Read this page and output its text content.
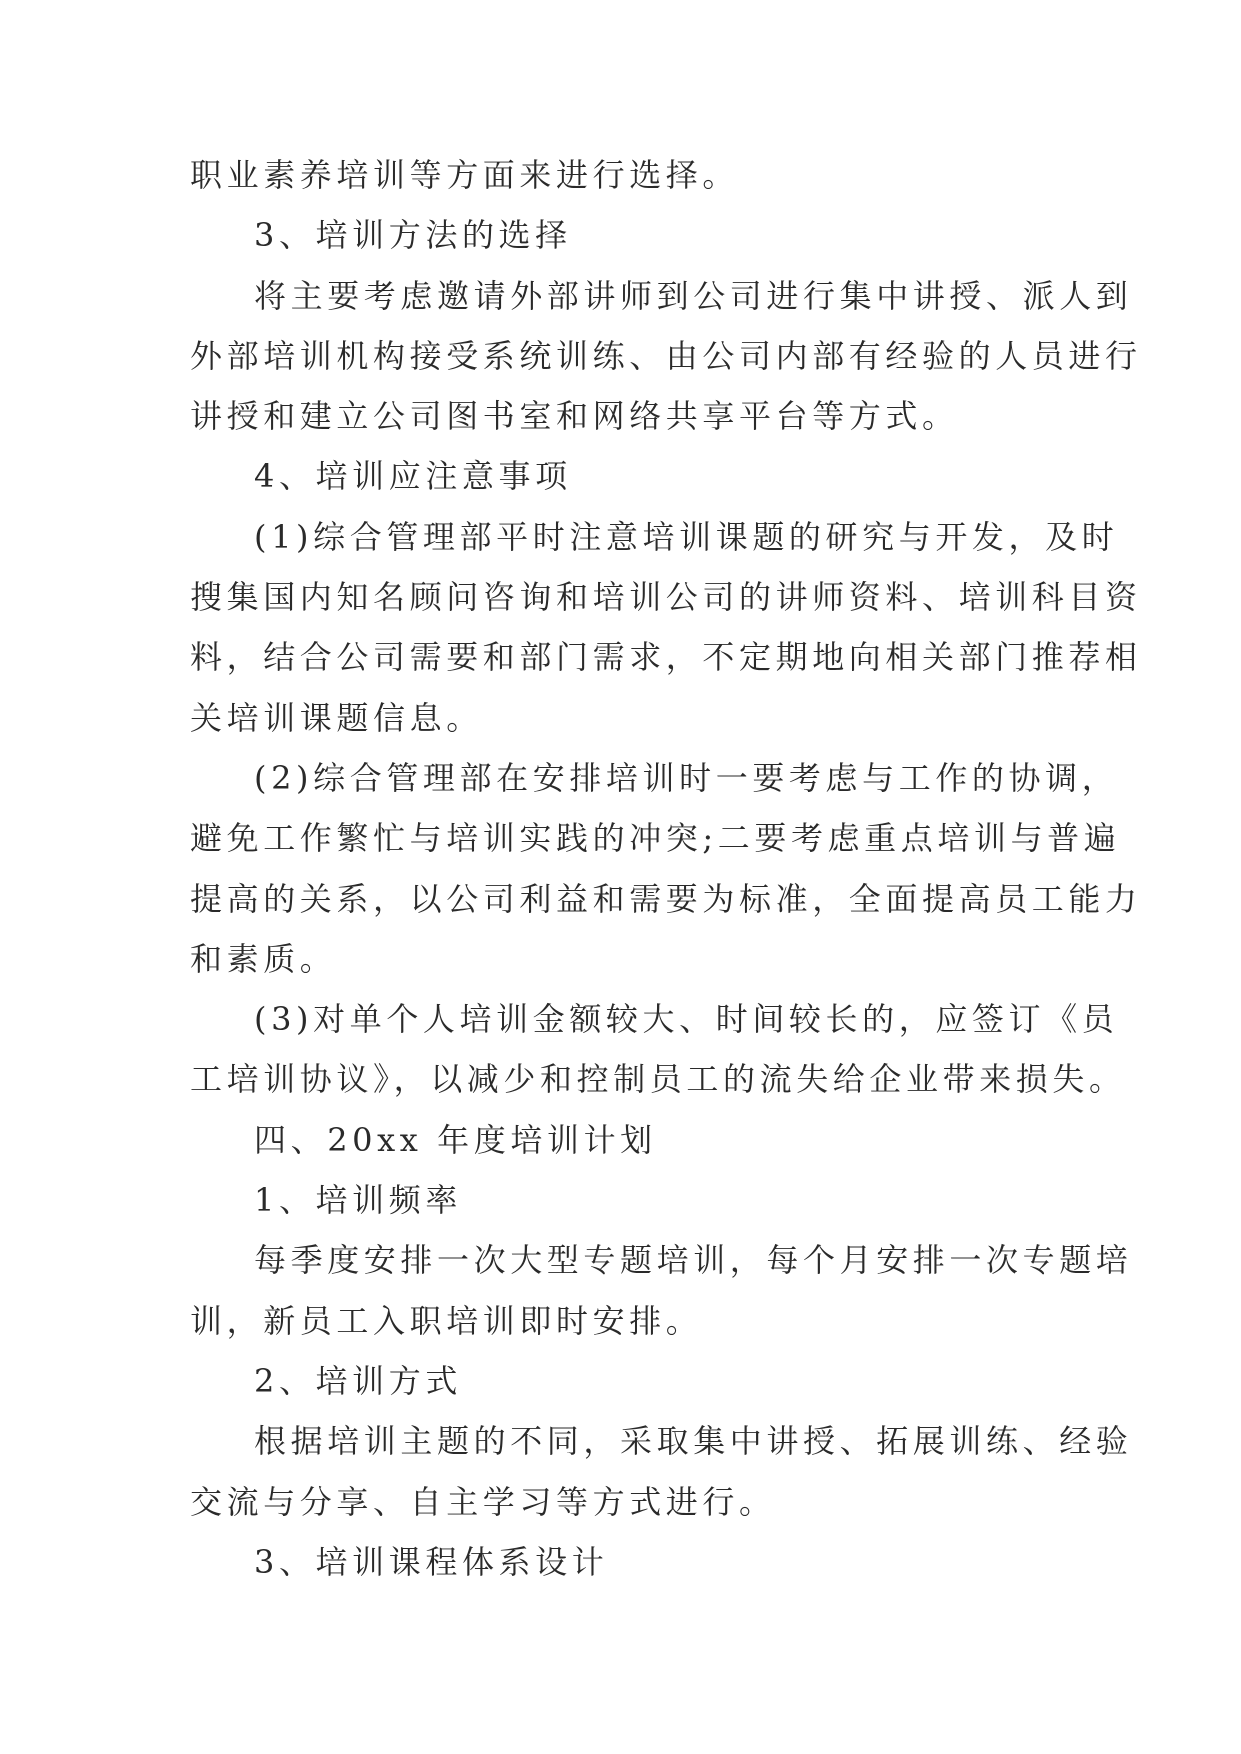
职业素养培训等方面来进行选择。
3、培训方法的选择
将主要考虑邀请外部讲师到公司进行集中讲授、派人到
外部培训机构接受系统训练、由公司内部有经验的人员进行
讲授和建立公司图书室和网络共享平台等方式。
4、培训应注意事项
(1)综合管理部平时注意培训课题的研究与开发，及时
搜集国内知名顾问咨询和培训公司的讲师资料、培训科目资
料，结合公司需要和部门需求，不定期地向相关部门推荐相
关培训课题信息。
(2)综合管理部在安排培训时一要考虑与工作的协调，
避免工作繁忙与培训实践的冲突;二要考虑重点培训与普遍
提高的关系，以公司利益和需要为标准，全面提高员工能力
和素质。
(3)对单个人培训金额较大、时间较长的，应签订《员
工培训协议》，以减少和控制员工的流失给企业带来损失。
四、20xx 年度培训计划
1、培训频率
每季度安排一次大型专题培训，每个月安排一次专题培
训，新员工入职培训即时安排。
2、培训方式
根据培训主题的不同，采取集中讲授、拓展训练、经验
交流与分享、自主学习等方式进行。
3、培训课程体系设计
